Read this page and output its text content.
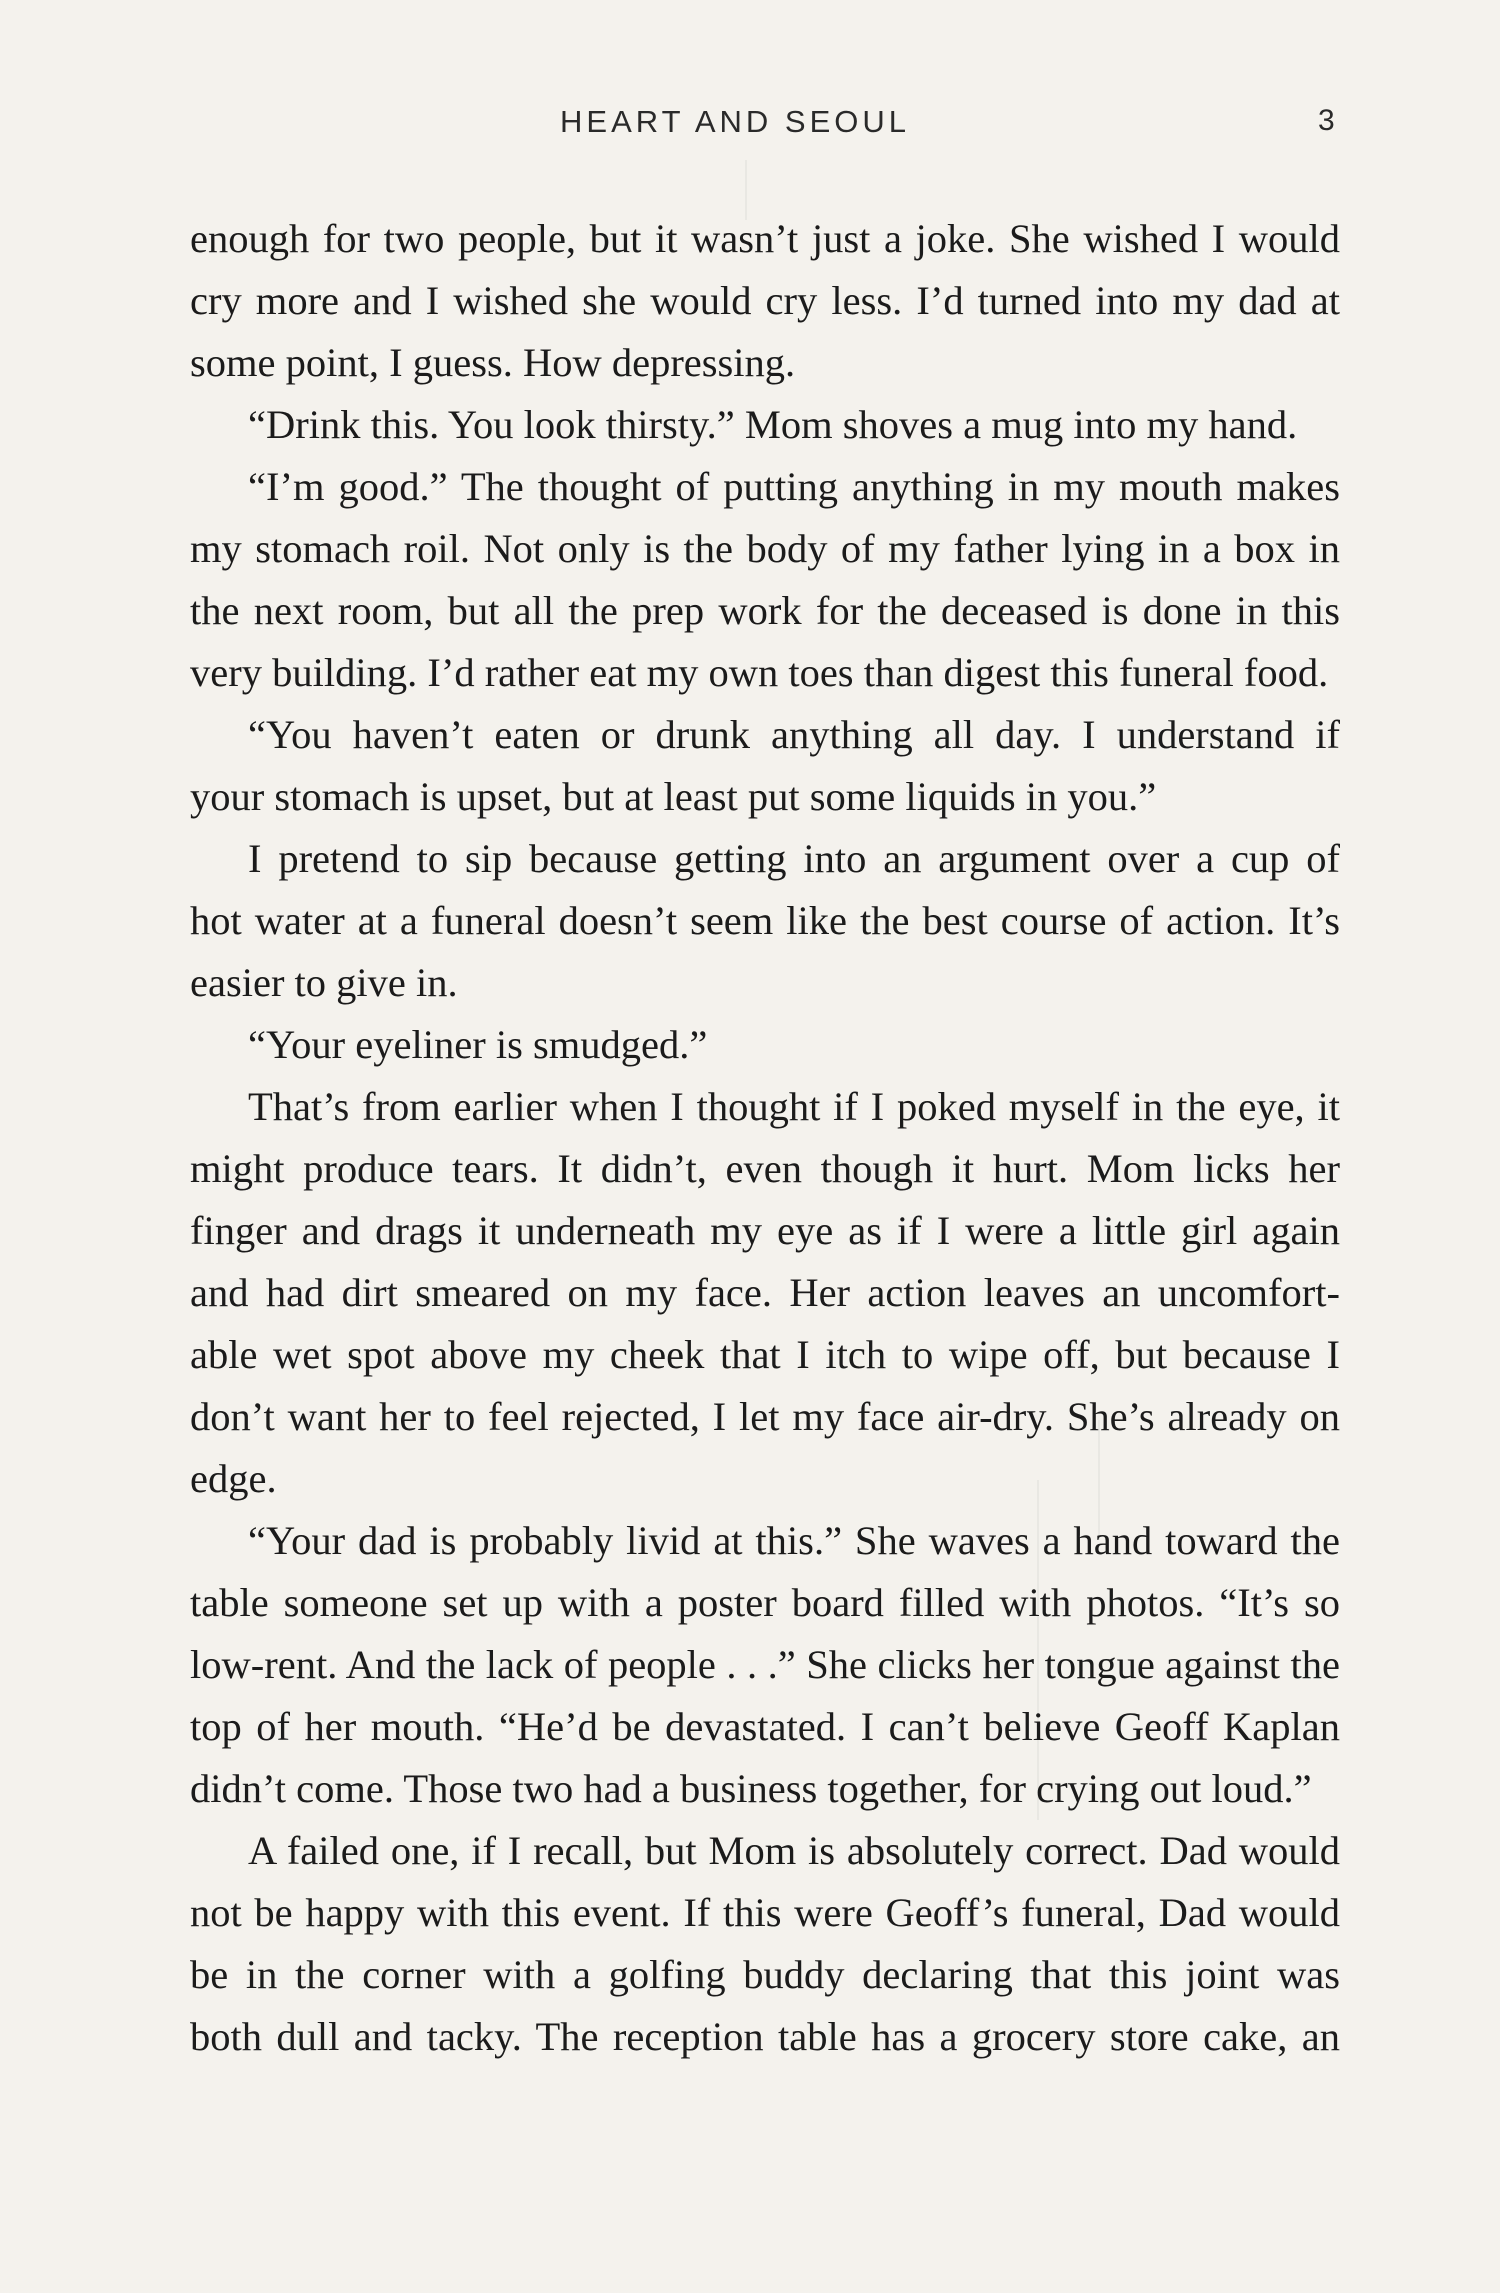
HEART AND SEOUL	3
enough for two people, but it wasn’t just a joke. She wished I would
cry more and I wished she would cry less. I’d turned into my dad at
some point, I guess. How depressing.
“Drink this. You look thirsty.” Mom shoves a mug into my hand.
“I’m good.” The thought of putting anything in my mouth makes
my stomach roil. Not only is the body of my father lying in a box in
the next room, but all the prep work for the deceased is done in this
very building. I’d rather eat my own toes than digest this funeral food.
“You haven’t eaten or drunk anything all day. I understand if
your stomach is upset, but at least put some liquids in you.”
I pretend to sip because getting into an argument over a cup of
hot water at a funeral doesn’t seem like the best course of action. It’s
easier to give in.
“Your eyeliner is smudged.”
That’s from earlier when I thought if I poked myself in the eye, it
might produce tears. It didn’t, even though it hurt. Mom licks her
finger and drags it underneath my eye as if I were a little girl again
and had dirt smeared on my face. Her action leaves an uncomfort-
able wet spot above my cheek that I itch to wipe off, but because I
don’t want her to feel rejected, I let my face air-dry. She’s already on
edge.
“Your dad is probably livid at this.” She waves a hand toward the
table someone set up with a poster board filled with photos. “It’s so
low-rent. And the lack of people . . .” She clicks her tongue against the
top of her mouth. “He’d be devastated. I can’t believe Geoff Kaplan
didn’t come. Those two had a business together, for crying out loud.”
A failed one, if I recall, but Mom is absolutely correct. Dad would
not be happy with this event. If this were Geoff’s funeral, Dad would
be in the corner with a golfing buddy declaring that this joint was
both dull and tacky. The reception table has a grocery store cake, an
